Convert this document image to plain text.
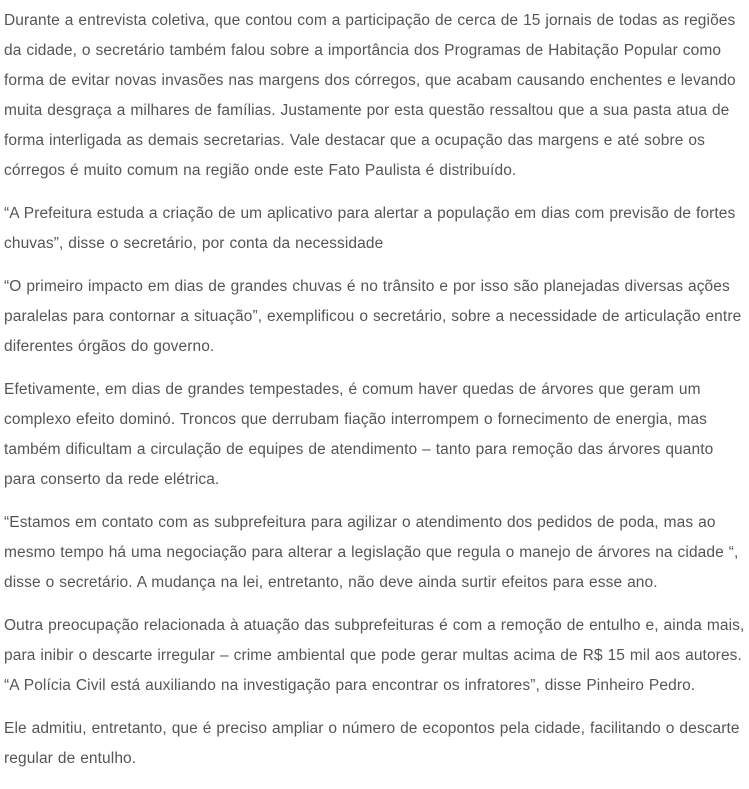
Durante a entrevista coletiva, que contou com a participação de cerca de 15 jornais de todas as regiões
da cidade, o secretário também falou sobre a importância dos Programas de Habitação Popular como
forma de evitar novas invasões nas margens dos córregos, que acabam causando enchentes e levando
muita desgraça a milhares de famílias. Justamente por esta questão ressaltou que a sua pasta atua de
forma interligada as demais secretarias. Vale destacar que a ocupação das margens e até sobre os
córregos é muito comum na região onde este Fato Paulista é distribuído.

“A Prefeitura estuda a criação de um aplicativo para alertar a população em dias com previsão de fortes
chuvas”, disse o secretário, por conta da necessidade

“O primeiro impacto em dias de grandes chuvas é no trânsito e por isso são planejadas diversas ações
paralelas para contornar a situação”, exemplificou o secretário, sobre a necessidade de articulação entre
diferentes órgãos do governo.

Efetivamente, em dias de grandes tempestades, é comum haver quedas de árvores que geram um
complexo efeito dominó. Troncos que derrubam fiação interrompem o fornecimento de energia, mas
também dificultam a circulação de equipes de atendimento – tanto para remoção das árvores quanto
para conserto da rede elétrica.

“Estamos em contato com as subprefeitura para agilizar o atendimento dos pedidos de poda, mas ao
mesmo tempo há uma negociação para alterar a legislação que regula o manejo de árvores na cidade “,
disse o secretário. A mudança na lei, entretanto, não deve ainda surtir efeitos para esse ano.

Outra preocupação relacionada à atuação das subprefeituras é com a remoção de entulho e, ainda mais,
para inibir o descarte irregular – crime ambiental que pode gerar multas acima de R$ 15 mil aos autores.
“A Polícia Civil está auxiliando na investigação para encontrar os infratores”, disse Pinheiro Pedro.

Ele admitiu, entretanto, que é preciso ampliar o número de ecopontos pela cidade, facilitando o descarte
regular de entulho.
